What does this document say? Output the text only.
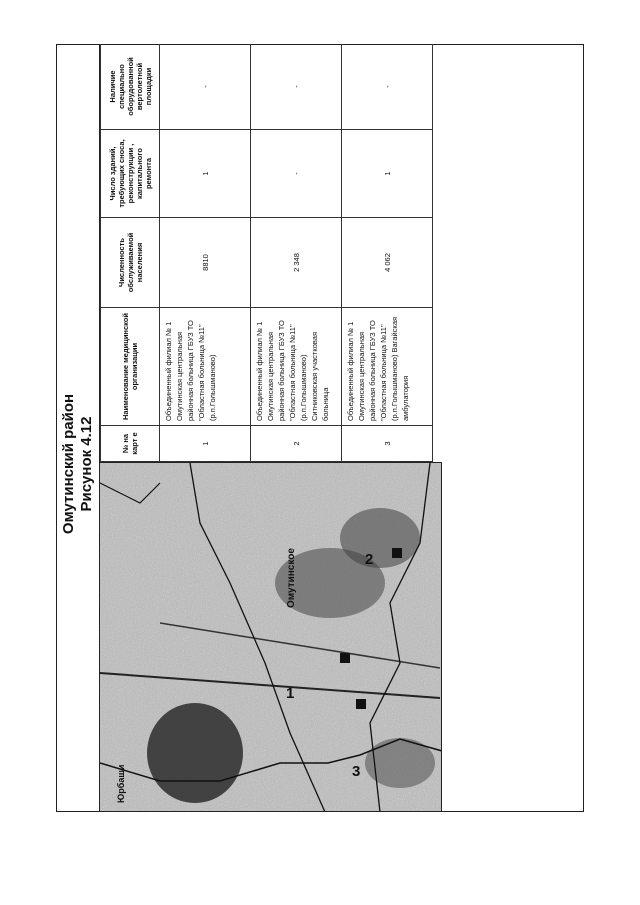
Омутинский район Рисунок 4.12
1
2
3
Омутинское
Юрбаши
№ на карт е	Наименование медицинской организации	Численность обслуживаемой населения	Число зданий, требующих сноса, реконструкции , капитального ремонта	Наличие специально оборудованной вертолетной площадки
1	Объединенный филиал № 1 Омутинская центральная районная больница ГБУЗ ТО "Областная больница №11" (р.п.Голышманово)	8810	1	-
2	Объединенный филиал № 1 Омутинская центральная районная больница ГБУЗ ТО "Областная больница №11" (р.п.Голышманово) Ситниковская участковая больница	2 348	-	-
3	Объединенный филиал № 1 Омутинская центральная районная больница ГБУЗ ТО "Областная больница №11" (р.п.Голышманово) Вагайская амбулатория	4 062	1	-
